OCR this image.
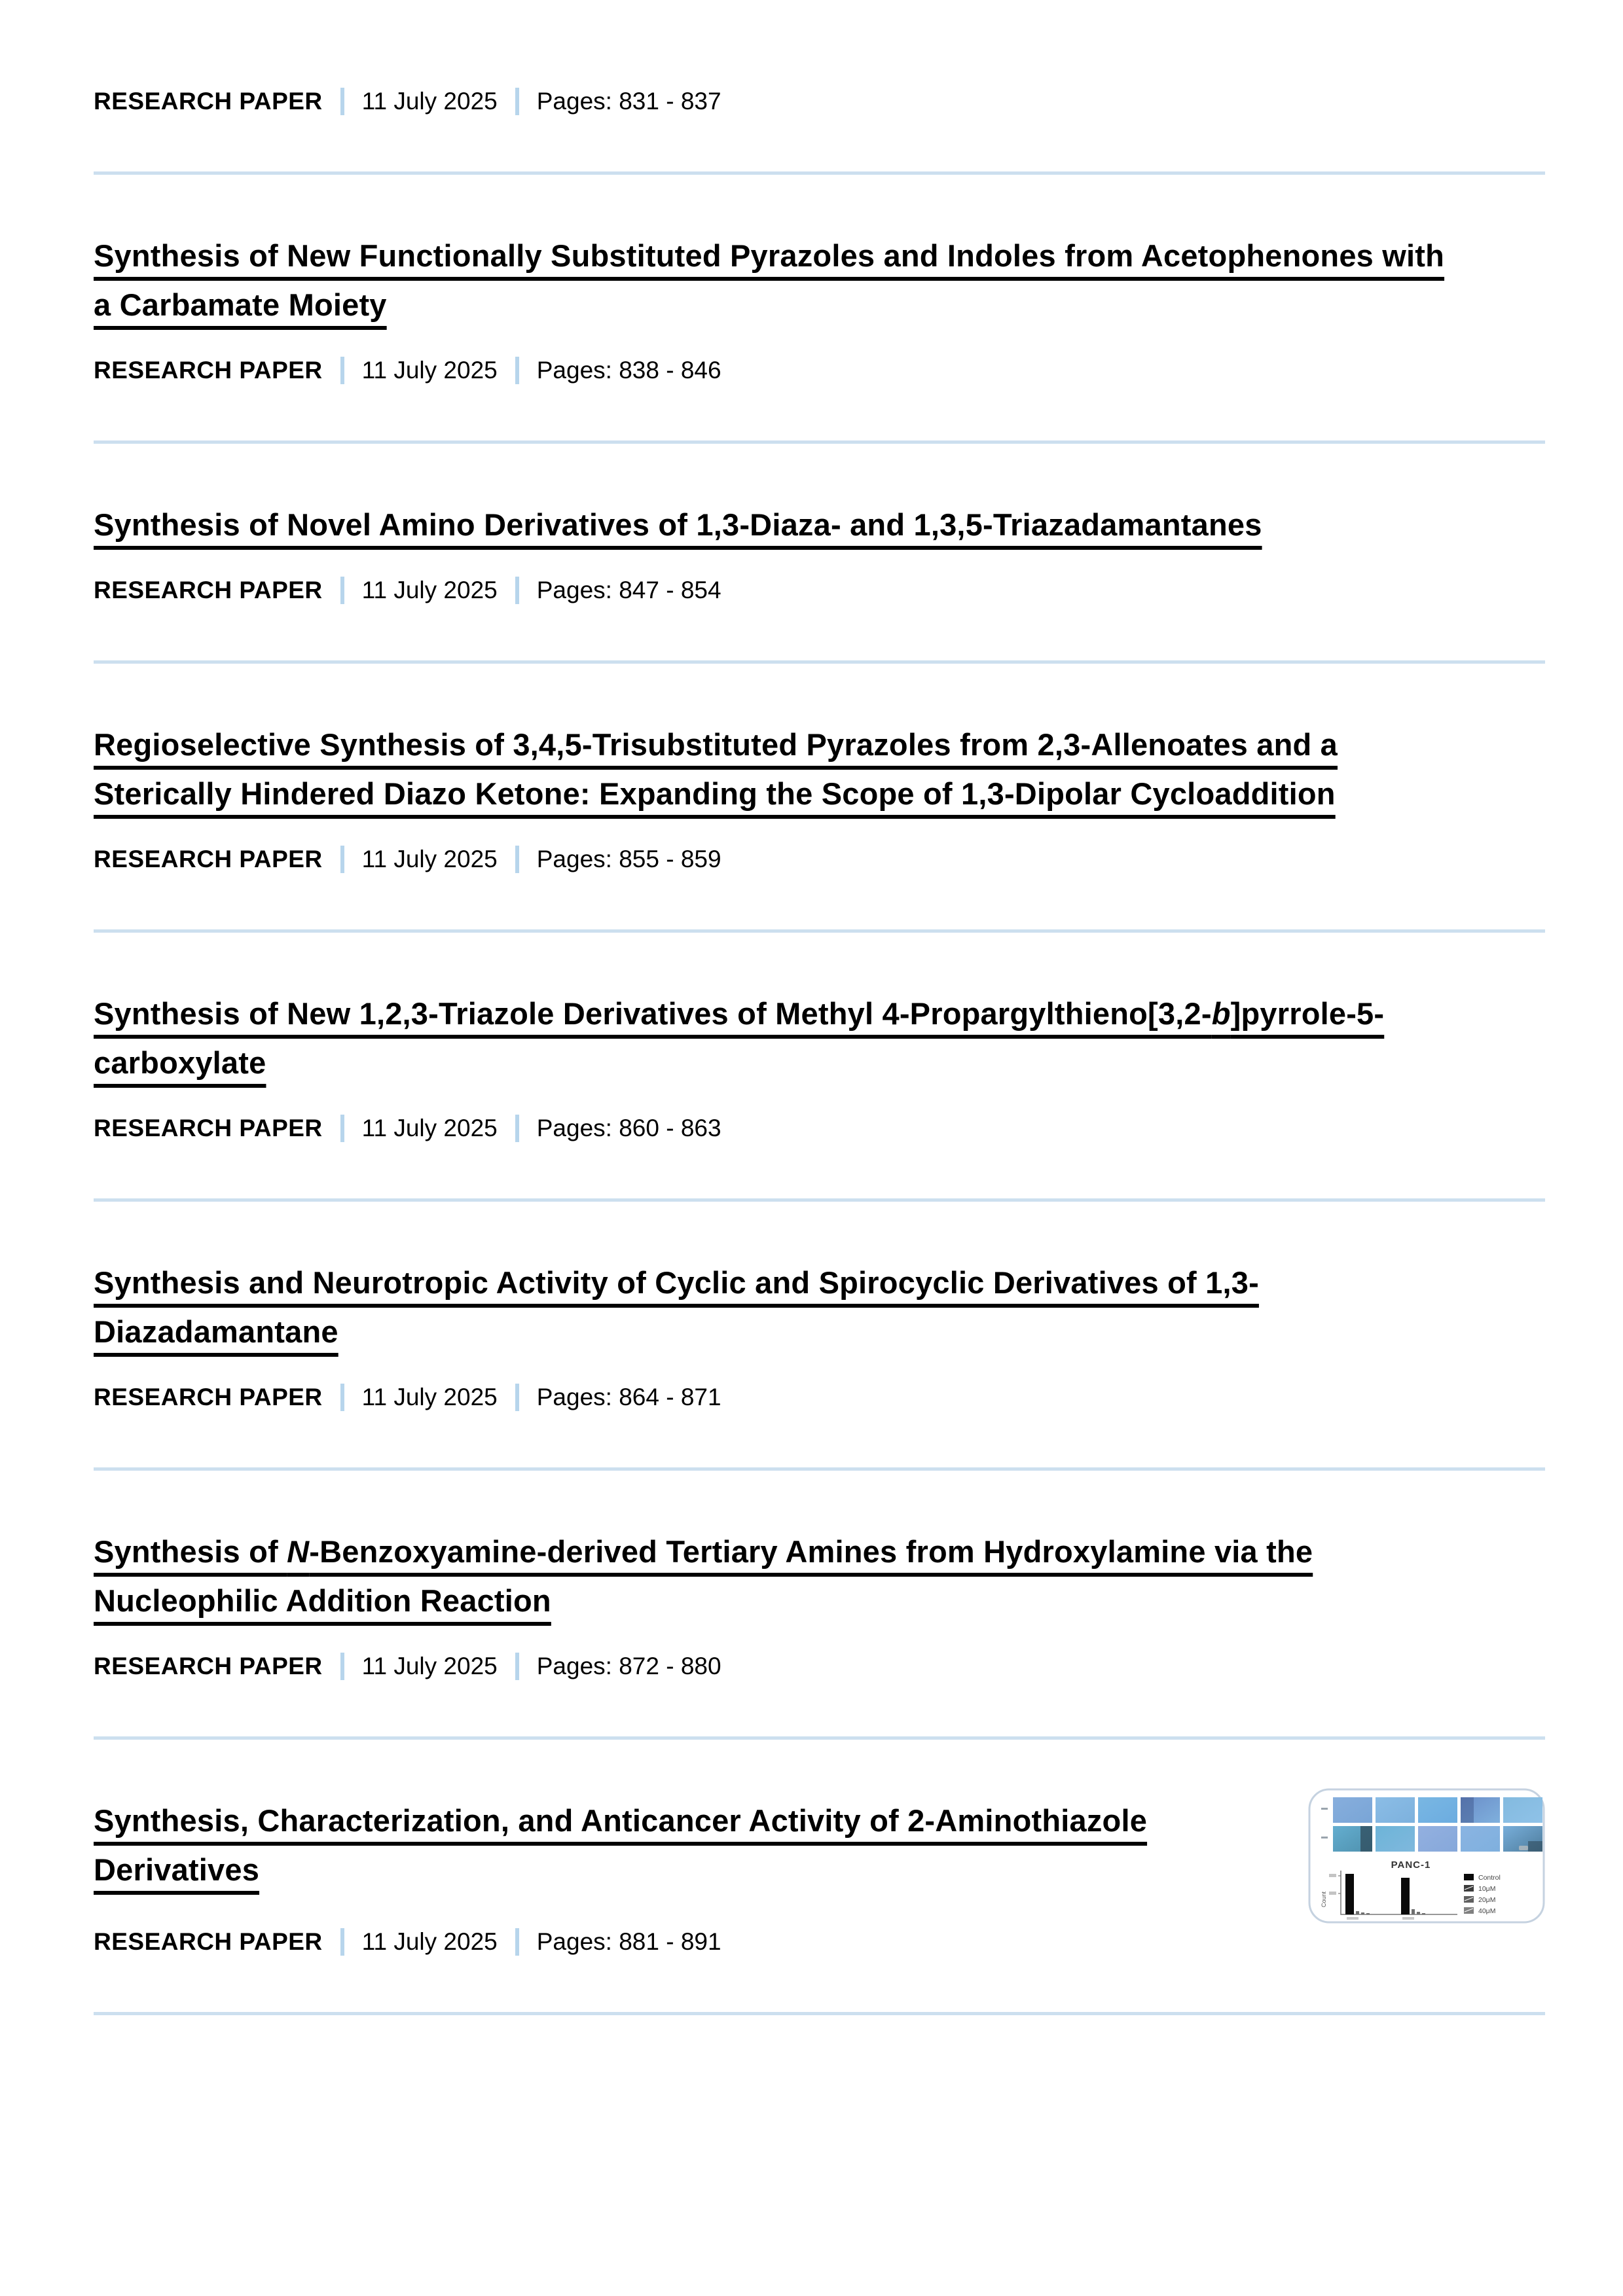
RESEARCH PAPER 11 July 2025 Pages: 831 - 837
Synthesis of New Functionally Substituted Pyrazoles and Indoles from Acetophenones with
a Carbamate Moiety
RESEARCH PAPER 11 July 2025 Pages: 838 - 846
Synthesis of Novel Amino Derivatives of 1,3-Diaza- and 1,3,5-Triazadamantanes
RESEARCH PAPER 11 July 2025 Pages: 847 - 854
Regioselective Synthesis of 3,4,5-Trisubstituted Pyrazoles from 2,3-Allenoates and a
Sterically Hindered Diazo Ketone: Expanding the Scope of 1,3-Dipolar Cycloaddition
RESEARCH PAPER 11 July 2025 Pages: 855 - 859
Synthesis of New 1,2,3-Triazole Derivatives of Methyl 4-Propargylthieno[3,2-b]pyrrole-5-
carboxylate
RESEARCH PAPER 11 July 2025 Pages: 860 - 863
Synthesis and Neurotropic Activity of Cyclic and Spirocyclic Derivatives of 1,3-
Diazadamantane
RESEARCH PAPER 11 July 2025 Pages: 864 - 871
Synthesis of N-Benzoxyamine-derived Tertiary Amines from Hydroxylamine via the
Nucleophilic Addition Reaction
RESEARCH PAPER 11 July 2025 Pages: 872 - 880
Synthesis, Characterization, and Anticancer Activity of 2-Aminothiazole
Derivatives	PANC-1
Count
Control
10μM
20μM
40μM
RESEARCH PAPER 11 July 2025 Pages: 881 - 891
